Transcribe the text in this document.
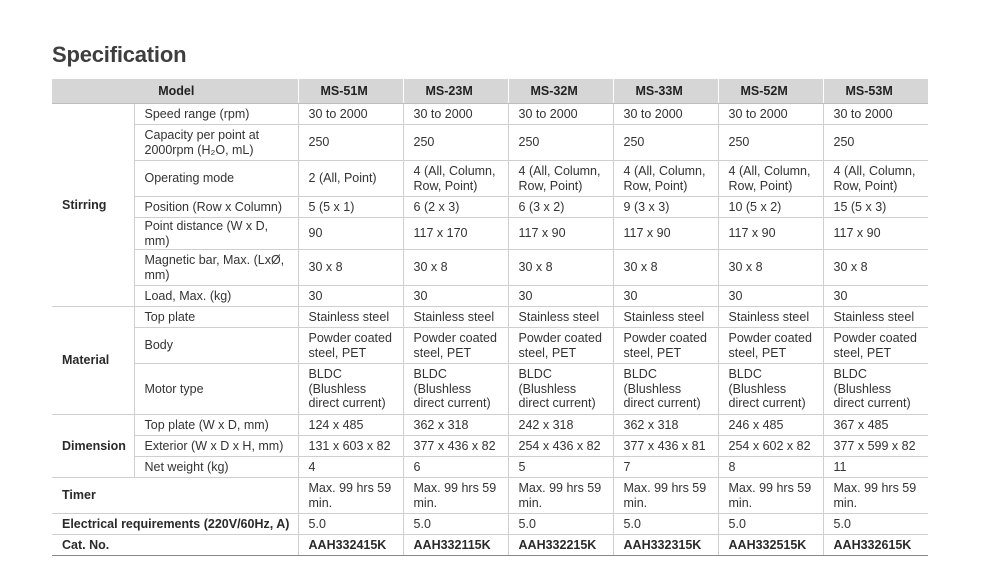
Specification
Model		MS-51M	MS-23M	MS-32M	MS-33M	MS-52M	MS-53M
Stirring	Speed range (rpm)	30 to 2000	30 to 2000	30 to 2000	30 to 2000	30 to 2000	30 to 2000
	Capacity per point at 2000rpm (H₂O, mL)	250	250	250	250	250	250
	Operating mode	2 (All, Point)	4 (All, Column, Row, Point)	4 (All, Column, Row, Point)	4 (All, Column, Row, Point)	4 (All, Column, Row, Point)	4 (All, Column, Row, Point)
	Position (Row x Column)	5 (5 x 1)	6 (2 x 3)	6 (3 x 2)	9 (3 x 3)	10 (5 x 2)	15 (5 x 3)
	Point distance (W x D, mm)	90	117 x 170	117 x 90	117 x 90	117 x 90	117 x 90
	Magnetic bar, Max. (LxØ, mm)	30 x 8	30 x 8	30 x 8	30 x 8	30 x 8	30 x 8
	Load, Max. (kg)	30	30	30	30	30	30
Material	Top plate	Stainless steel	Stainless steel	Stainless steel	Stainless steel	Stainless steel	Stainless steel
	Body	Powder coated steel, PET	Powder coated steel, PET	Powder coated steel, PET	Powder coated steel, PET	Powder coated steel, PET	Powder coated steel, PET
	Motor type	BLDC (Blushless direct current)	BLDC (Blushless direct current)	BLDC (Blushless direct current)	BLDC (Blushless direct current)	BLDC (Blushless direct current)	BLDC (Blushless direct current)
Dimension	Top plate (W x D, mm)	124 x 485	362 x 318	242 x 318	362 x 318	246 x 485	367 x 485
	Exterior (W x D x H, mm)	131 x 603 x 82	377 x 436 x 82	254 x 436 x 82	377 x 436 x 81	254 x 602 x 82	377 x 599 x 82
	Net weight (kg)	4	6	5	7	8	11
Timer		Max. 99 hrs 59 min.	Max. 99 hrs 59 min.	Max. 99 hrs 59 min.	Max. 99 hrs 59 min.	Max. 99 hrs 59 min.	Max. 99 hrs 59 min.
Electrical requirements (220V/60Hz, A)		5.0	5.0	5.0	5.0	5.0	5.0
Cat. No.		AAH332415K	AAH332115K	AAH332215K	AAH332315K	AAH332515K	AAH332615K
